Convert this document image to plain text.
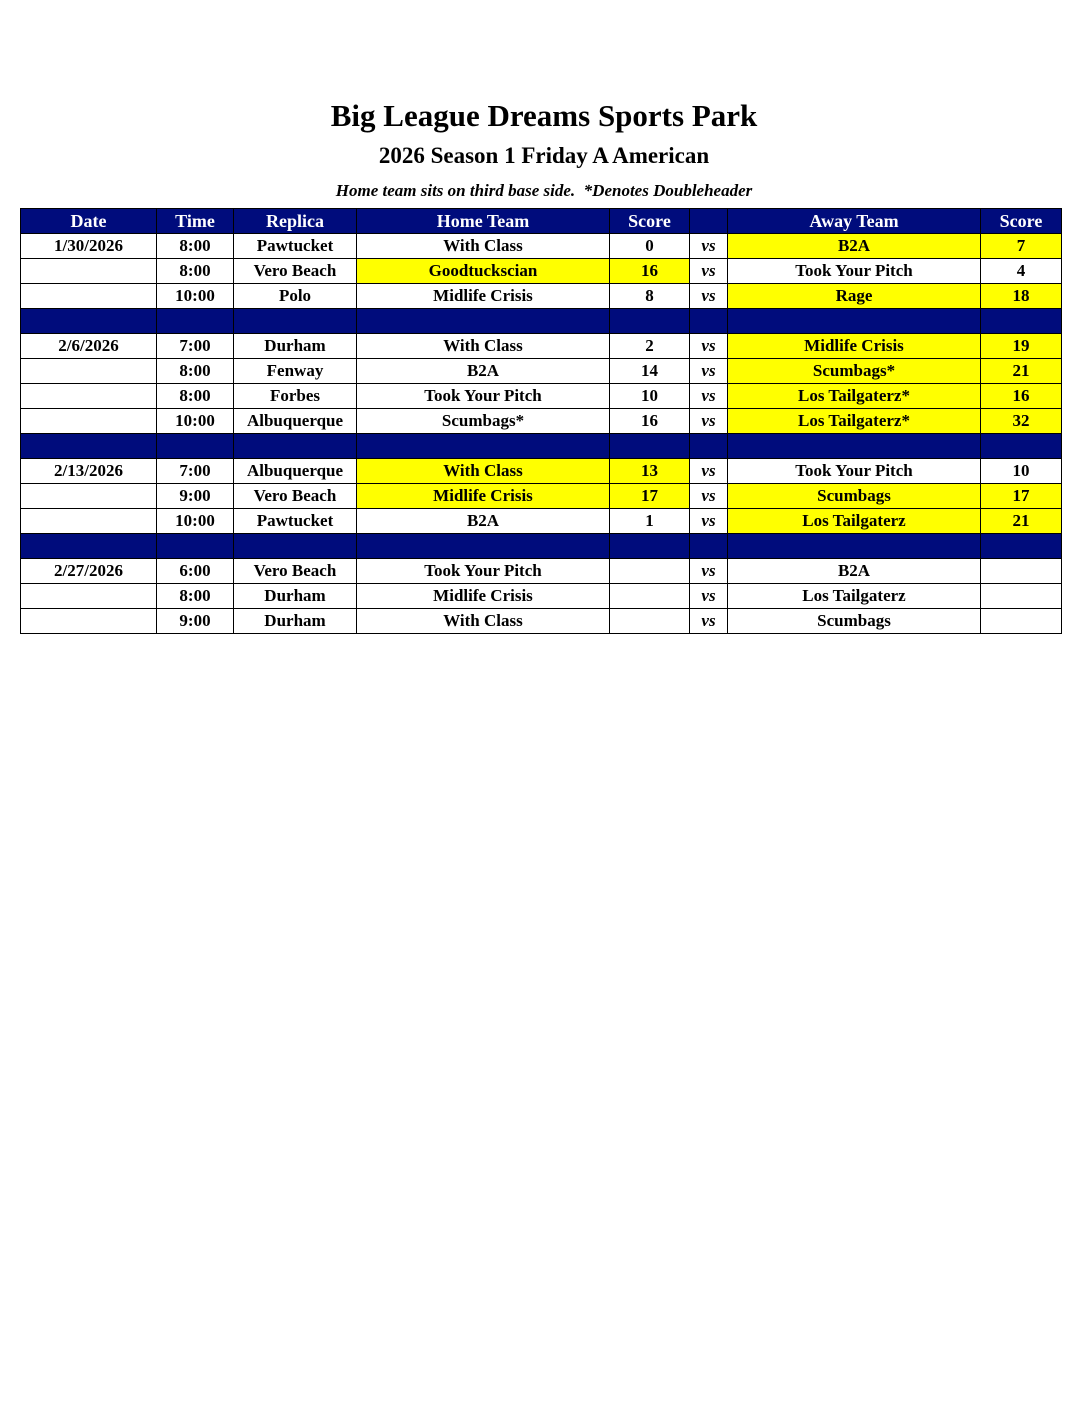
Big League Dreams Sports Park
2026 Season 1 Friday A American
Home team sits on third base side.  *Denotes Doubleheader
Date	Time	Replica	Home Team	Score		Away Team	Score
1/30/2026	8:00	Pawtucket	With Class	0	vs	B2A	7
	8:00	Vero Beach	Goodtuckscian	16	vs	Took Your Pitch	4
	10:00	Polo	Midlife Crisis	8	vs	Rage	18

2/6/2026	7:00	Durham	With Class	2	vs	Midlife Crisis	19
	8:00	Fenway	B2A	14	vs	Scumbags*	21
	8:00	Forbes	Took Your Pitch	10	vs	Los Tailgaterz*	16
	10:00	Albuquerque	Scumbags*	16	vs	Los Tailgaterz*	32

2/13/2026	7:00	Albuquerque	With Class	13	vs	Took Your Pitch	10
	9:00	Vero Beach	Midlife Crisis	17	vs	Scumbags	17
	10:00	Pawtucket	B2A	1	vs	Los Tailgaterz	21

2/27/2026	6:00	Vero Beach	Took Your Pitch		vs	B2A	
	8:00	Durham	Midlife Crisis		vs	Los Tailgaterz	
	9:00	Durham	With Class		vs	Scumbags	
